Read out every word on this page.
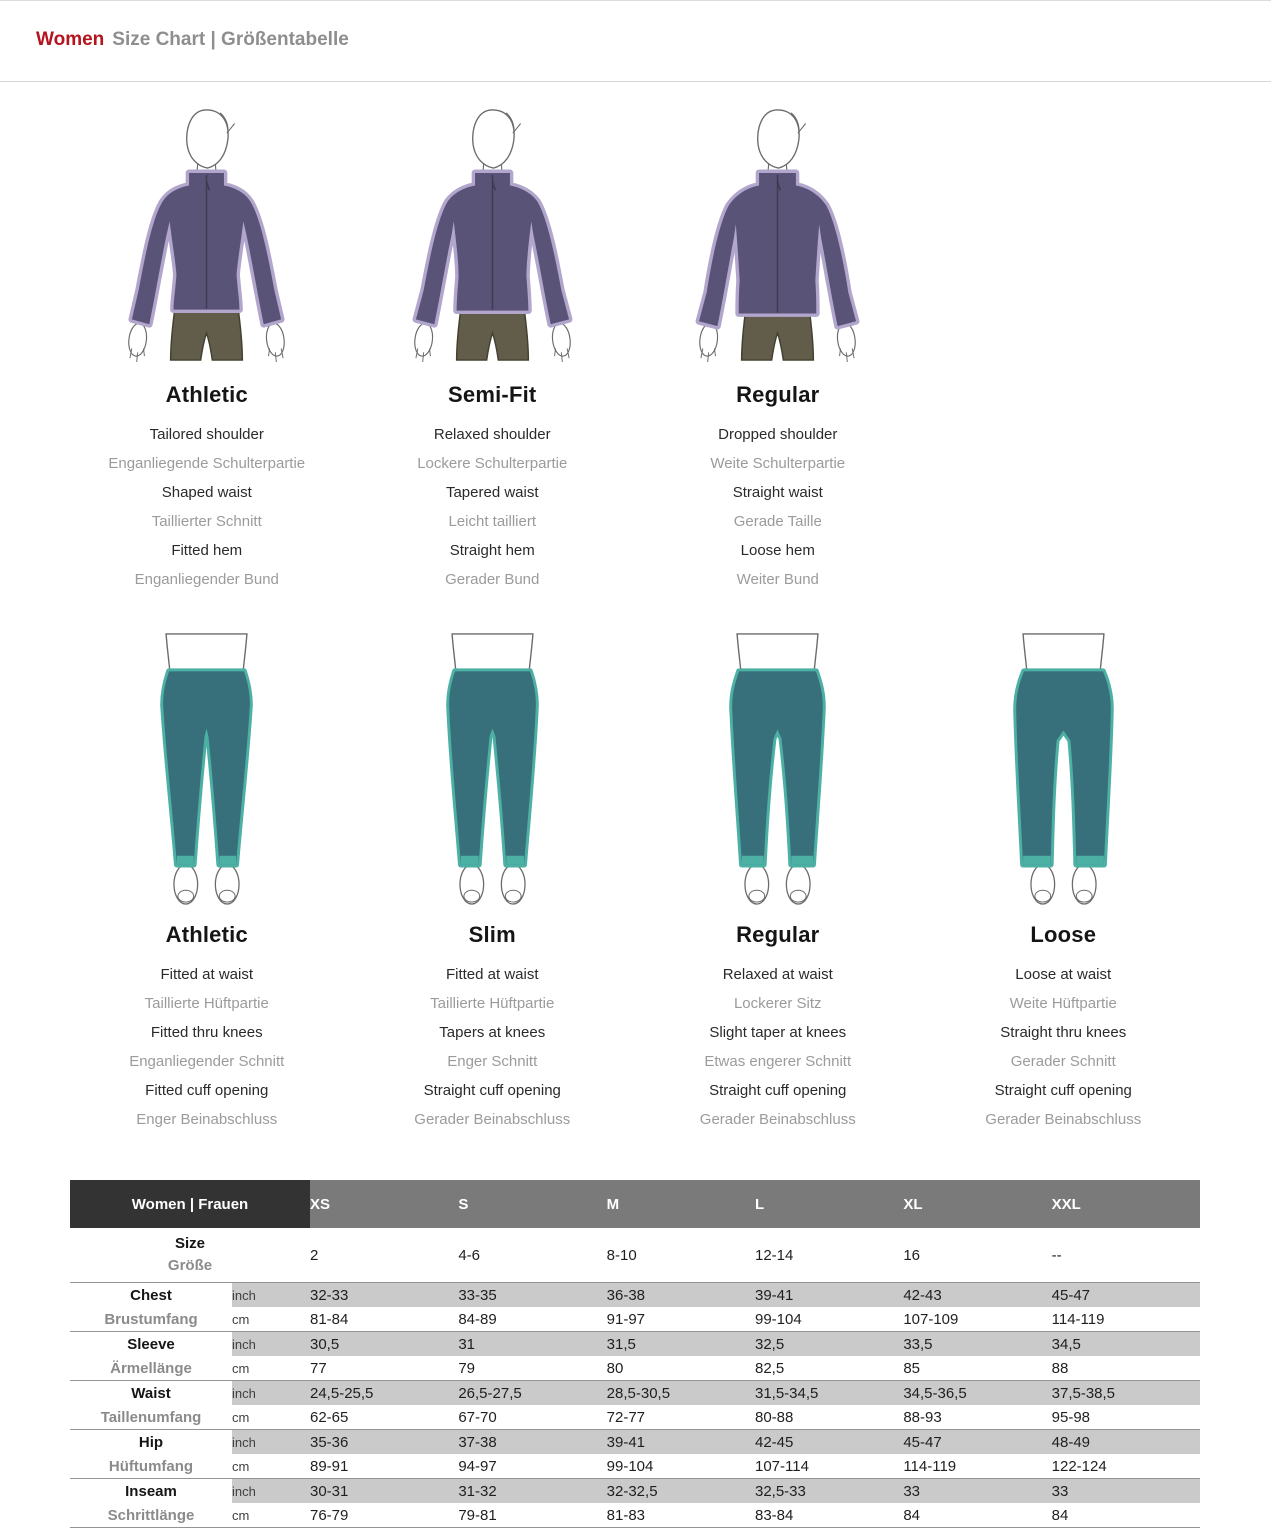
Women Size Chart | Größentabelle
Athletic
Tailored shoulder
Enganliegende Schulterpartie
Shaped waist
Taillierter Schnitt
Fitted hem
Enganliegender Bund
Semi-Fit
Relaxed shoulder
Lockere Schulterpartie
Tapered waist
Leicht tailliert
Straight hem
Gerader Bund
Regular
Dropped shoulder
Weite Schulterpartie
Straight waist
Gerade Taille
Loose hem
Weiter Bund
Athletic
Fitted at waist
Taillierte Hüftpartie
Fitted thru knees
Enganliegender Schnitt
Fitted cuff opening
Enger Beinabschluss
Slim
Fitted at waist
Taillierte Hüftpartie
Tapers at knees
Enger Schnitt
Straight cuff opening
Gerader Beinabschluss
Regular
Relaxed at waist
Lockerer Sitz
Slight taper at knees
Etwas engerer Schnitt
Straight cuff opening
Gerader Beinabschluss
Loose
Loose at waist
Weite Hüftpartie
Straight thru knees
Gerader Schnitt
Straight cuff opening
Gerader Beinabschluss
Women | Frauen		XS	S	M	L	XL	XXL

Size
Größe		2	4-6	8-10	12-14	16	--
Chest	inch	32-33	33-35	36-38	39-41	42-43	45-47
Brustumfang	cm	81-84	84-89	91-97	99-104	107-109	114-119
Sleeve	inch	30,5	31	31,5	32,5	33,5	34,5
Ärmellänge	cm	77	79	80	82,5	85	88
Waist	inch	24,5-25,5	26,5-27,5	28,5-30,5	31,5-34,5	34,5-36,5	37,5-38,5
Taillenumfang	cm	62-65	67-70	72-77	80-88	88-93	95-98
Hip	inch	35-36	37-38	39-41	42-45	45-47	48-49
Hüftumfang	cm	89-91	94-97	99-104	107-114	114-119	122-124
Inseam	inch	30-31	31-32	32-32,5	32,5-33	33	33
Schrittlänge	cm	76-79	79-81	81-83	83-84	84	84
